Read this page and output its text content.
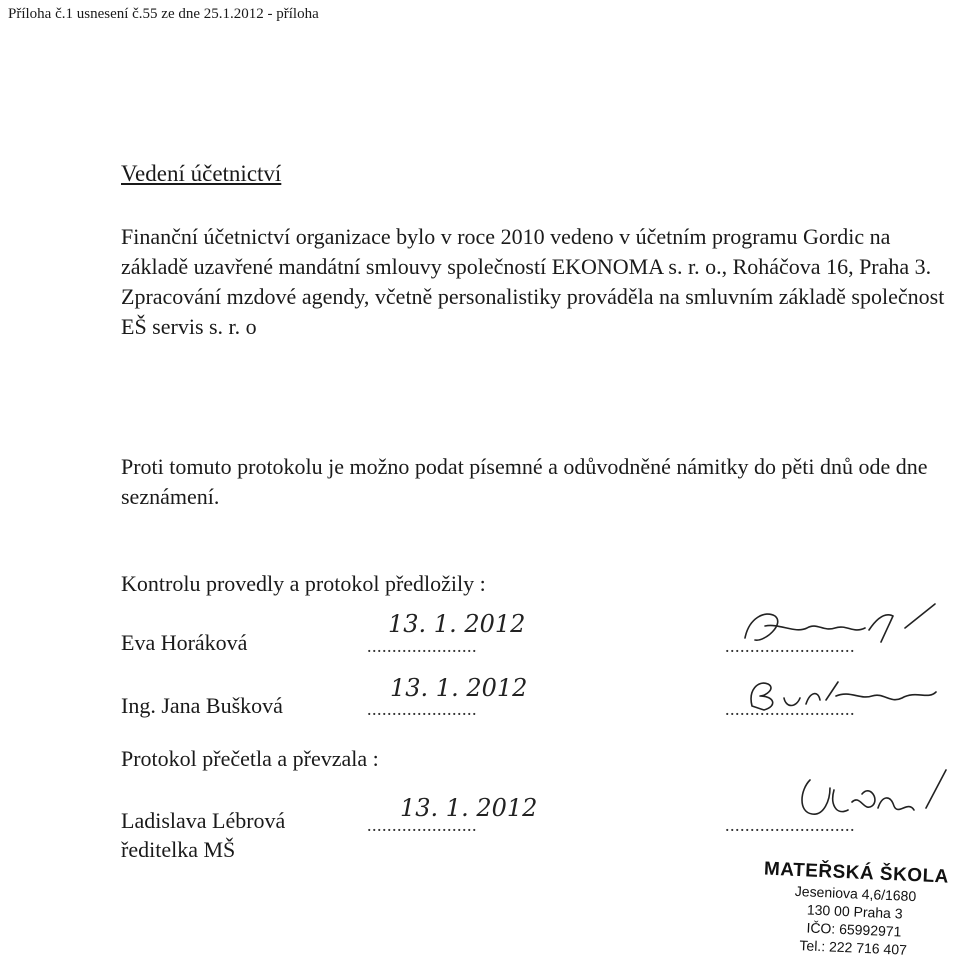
Příloha č.1 usnesení č.55 ze dne 25.1.2012 - příloha
Vedení účetnictví
Finanční účetnictví organizace bylo v roce 2010 vedeno v účetním programu Gordic na základě uzavřené mandátní smlouvy společností EKONOMA s. r. o., Roháčova 16, Praha 3. Zpracování mzdové agendy, včetně personalistiky prováděla na smluvním základě společnost EŠ servis s. r. o
Proti tomuto protokolu je možno podat písemné a odůvodněné námitky do pěti dnů ode dne seznámení.
Kontrolu provedly a protokol předložily :
Eva Horáková	......................
13. 1. 2012
..........................
Ing. Jana Bušková	......................
13. 1. 2012
..........................
Protokol přečetla a převzala :
Ladislava Lébrová
ředitelka MŠ
......................
13. 1. 2012
..........................
MATEŘSKÁ ŠKOLA
Jeseniova 4,6/1680
130 00 Praha 3
IČO: 65992971
Tel.: 222 716 407
